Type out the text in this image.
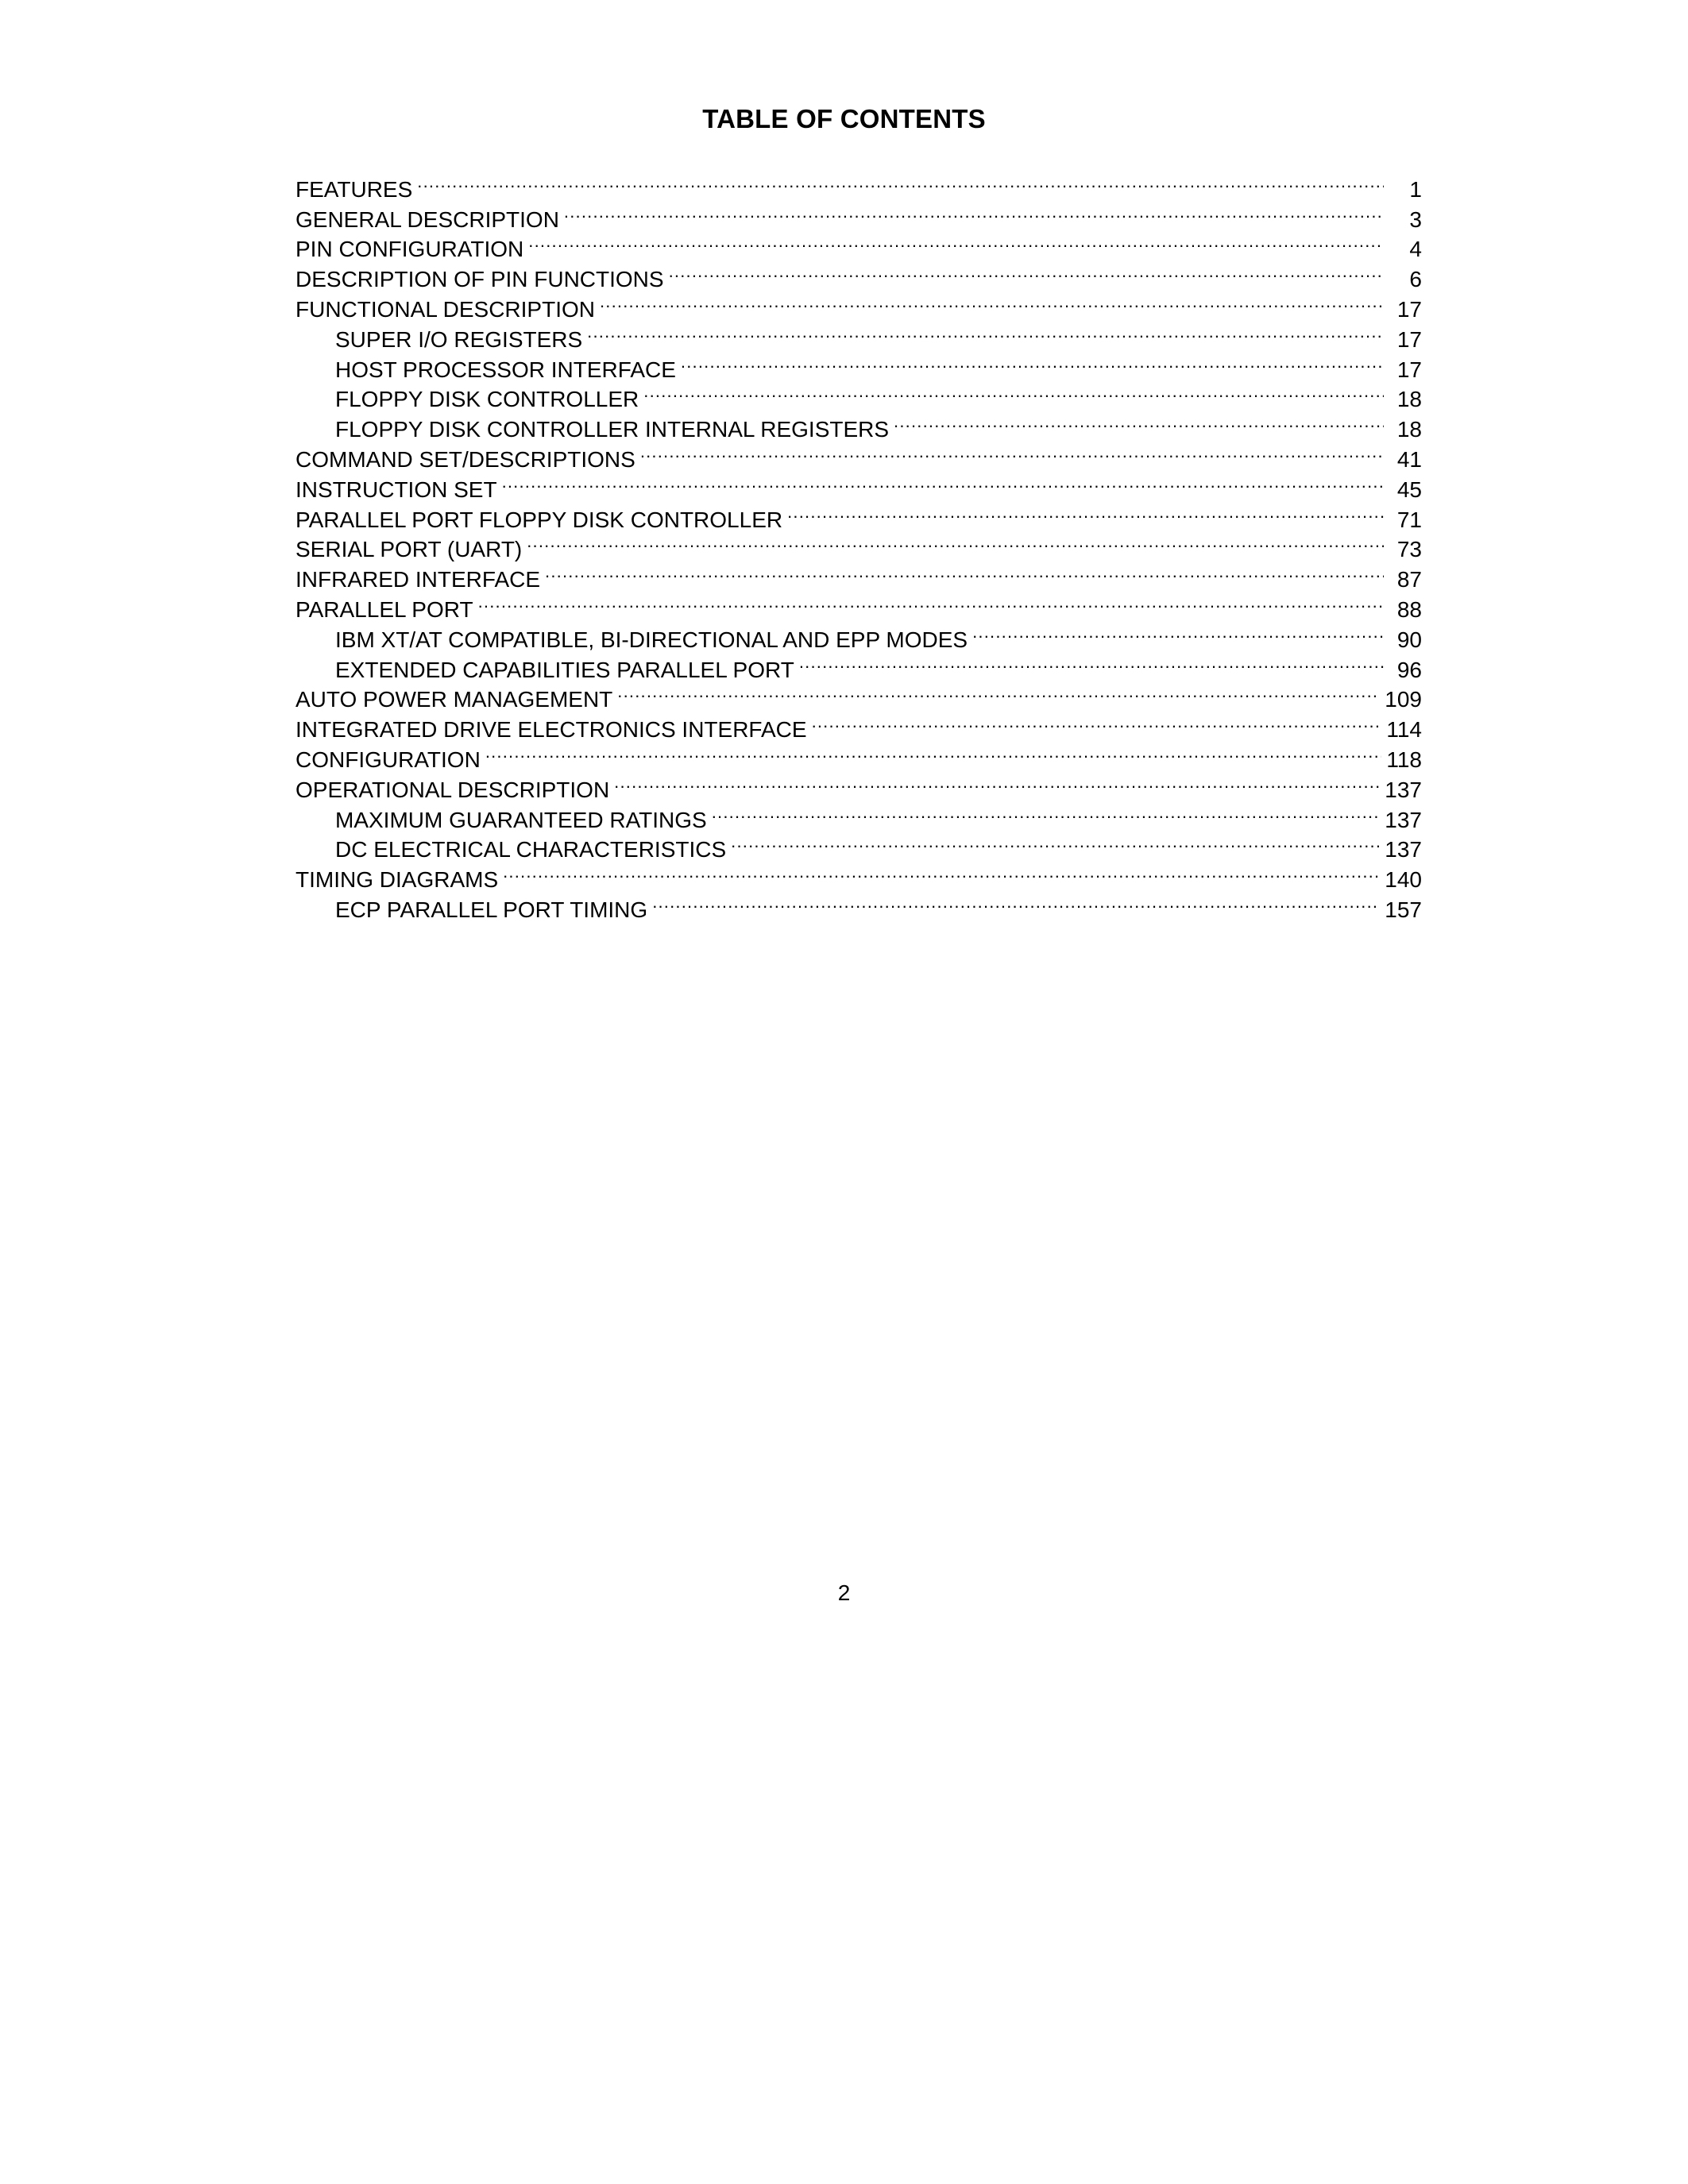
TABLE OF CONTENTS
FEATURES .....	1
GENERAL DESCRIPTION .....	3
PIN CONFIGURATION .....	4
DESCRIPTION OF PIN FUNCTIONS .....	6
FUNCTIONAL DESCRIPTION .....	17
SUPER I/O REGISTERS .....	17
HOST PROCESSOR INTERFACE .....	17
FLOPPY DISK CONTROLLER .....	18
FLOPPY DISK CONTROLLER INTERNAL REGISTERS .....	18
COMMAND SET/DESCRIPTIONS .....	41
INSTRUCTION SET .....	45
PARALLEL PORT FLOPPY DISK CONTROLLER .....	71
SERIAL PORT (UART) .....	73
INFRARED INTERFACE .....	87
PARALLEL PORT .....	88
IBM XT/AT COMPATIBLE, BI-DIRECTIONAL AND EPP MODES .....	90
EXTENDED CAPABILITIES PARALLEL PORT .....	96
AUTO POWER MANAGEMENT .....	109
INTEGRATED DRIVE ELECTRONICS INTERFACE .....	114
CONFIGURATION .....	118
OPERATIONAL DESCRIPTION .....	137
MAXIMUM GUARANTEED RATINGS .....	137
DC ELECTRICAL CHARACTERISTICS .....	137
TIMING DIAGRAMS .....	140
ECP PARALLEL PORT TIMING .....	157
2
